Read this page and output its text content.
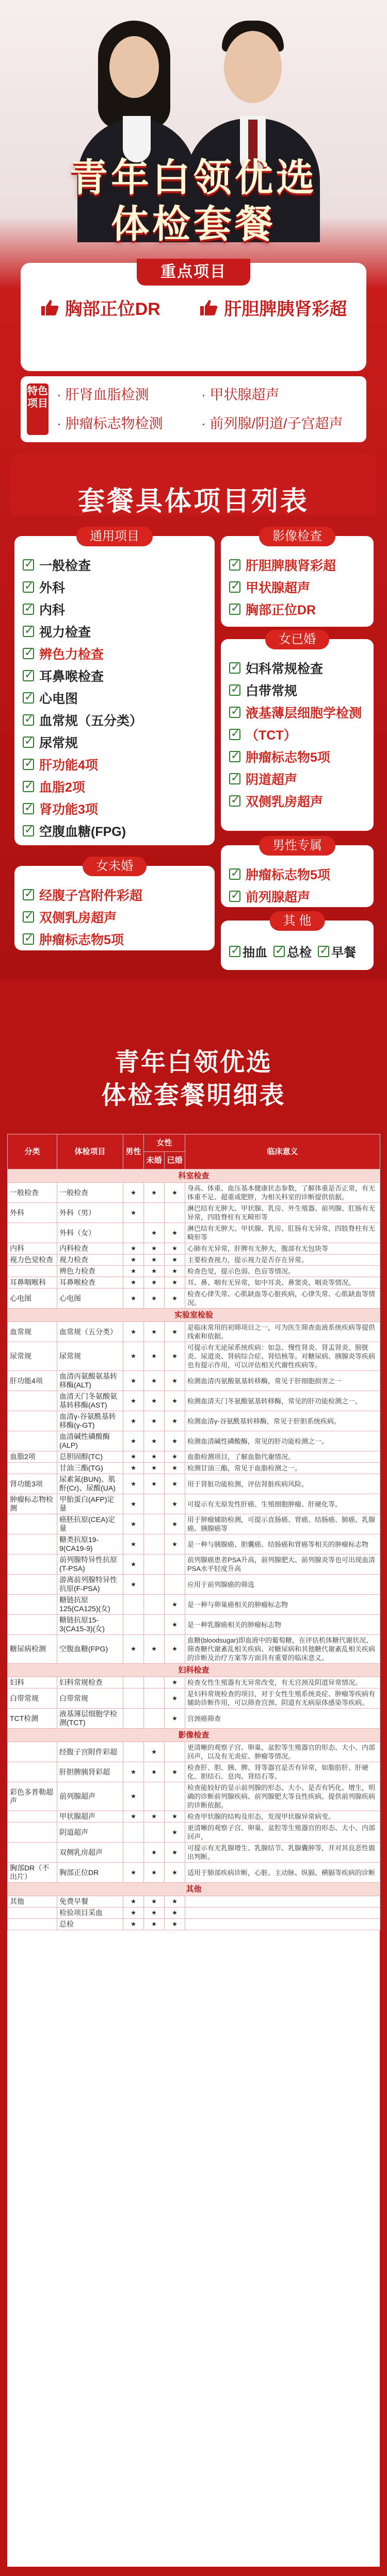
青年白领优选
体检套餐
重点项目
胸部正位DR	肝胆脾胰肾彩超
特色项目
· 肝肾血脂检测	· 甲状腺超声
· 肿瘤标志物检测	· 前列腺/阴道/子宫超声
套餐具体项目列表
通用项目
✓
一般检查
✓
外科
✓
内科
✓
视力检查
✓
辨色力检查
✓
耳鼻喉检查
✓
心电图
✓
血常规（五分类）
✓
尿常规
✓
肝功能4项
✓
血脂2项
✓
肾功能3项
✓
空腹血糖(FPG)
影像检查
✓
肝胆脾胰肾彩超
✓
甲状腺超声
✓
胸部正位DR
女已婚
✓
妇科常规检查
✓
白带常规
✓
液基薄层细胞学检测
✓
（TCT）
✓
肿瘤标志物5项
✓
阴道超声
✓
双侧乳房超声
男性专属
✓
肿瘤标志物5项
✓
前列腺超声
女未婚
✓
经腹子宫附件彩超
✓
双侧乳房超声
✓
肿瘤标志物5项
其 他
✓
抽血
✓ 总检
✓ 早餐
青年白领优选
体检套餐明细表
分类	体检项目	男性	女性		临床意义
			未婚	已婚	
科室检查					
一般检查	一般检查	★	★	★	身高、体重、血压基本健康状态参数，了解体重是否正常，有无体重不足、超重或肥胖，为相关科室的诊断提供依据。
外科	外科（男）	★			淋巴结有无肿大、甲状腺、乳房、外生殖器、前列腺、肛肠有无异常，四肢脊柱有无畸形等
	外科（女）		★	★	淋巴结有无肿大、甲状腺、乳房、肛肠有无异常，四肢脊柱有无畸形等
内科	内科检查	★	★	★	心肺有无异常，肝脾有无肿大，腹部有无包块等
视力色觉检查	视力检查	★	★	★	主要检查视力，提示视力是否存在异常。
	辨色力检查	★	★	★	检查色觉，提示色弱、色盲等情况。
耳鼻咽喉科	耳鼻喉检查	★	★	★	耳、鼻、咽有无异常，如中耳炎、鼻窦炎、咽炎等情况。
心电图	心电图	★	★	★	检查心律失常、心肌缺血等心脏疾病，心律失常、心肌缺血等情况。
实验室检验					
血常规	血常规（五分类）	★	★	★	是临床常用的初筛项目之一，可为医生筛查血液系统疾病等提供线索和依据。
尿常规	尿常规	★	★	★	可提示有无泌尿系统疾病：如急、慢性肾炎、肾盂肾炎、膀胱炎、尿道炎、肾病综合症、肾结核等。对糖尿病、胰腺炎等疾病也有提示作用，可以评估相关代谢性疾病等。
肝功能4项	血清丙氨酸氨基转移酶(ALT)	★	★	★	检测血清丙氨酸氨基转移酶，常见于肝细胞损害之一
	血清天门冬氨酸氨基转移酶(AST)	★	★	★	检测血清天门冬氨酸氨基转移酶，常见的肝功能检测之一。
	血清γ-谷氨酰基转移酶(γ-GT)	★	★	★	检测血清γ-谷氨酰基转移酶，常见于肝胆系统疾病。
	血清碱性磷酸酶(ALP)	★	★	★	检测血清碱性磷酸酶，常见的肝功能检测之一。
血脂2项	总胆固醇(TC)	★	★	★	血脂检测项目，了解血脂代谢情况。
	甘油三酯(TG)	★	★	★	检测甘油三酯，常见于血脂检测之一。
肾功能3项	尿素氮(BUN)、肌酐(Cr)、尿酸(UA)	★	★	★	用于肾脏功能检测，评估肾脏疾病风险。
肿瘤标志物检测	甲胎蛋白(AFP)定量	★		★	可提示有无原发性肝癌、生殖细胞肿瘤、肝硬化等。
	癌胚抗原(CEA)定量	★		★	用于肿瘤辅助检测，可提示直肠癌、胃癌、结肠癌、肺癌、乳腺癌、胰腺癌等
	糖类抗原19-9(CA19-9)	★		★	是一种与胰腺癌、胆囊癌、结肠癌和胃癌等相关的肿瘤标志物
	前列腺特异性抗原(T-PSA)	★			前列腺癌患者PSA升高，前列腺肥大、前列腺炎等也可出现血清PSA水平轻度升高
	游离前列腺特异性抗原(F-PSA)	★			应用于前列腺癌的筛选
	糖链抗原125(CA125)(女)			★	是一种与卵巢癌相关的肿瘤标志物
	糖链抗原15-3(CA15-3)(女)			★	是一种乳腺癌相关的肿瘤标志物
糖尿病检测	空腹血糖(FPG)	★	★	★	血糖(bloodsugar)即血液中的葡萄糖，在评估机体糖代谢状况、筛查糖代谢紊乱相关疾病、对糖尿病和其他糖代谢紊乱相关疾病的诊断及治疗方案等方面具有重要的临床意义。
妇科检查					
妇科	妇科常规检查			★	检查女性生殖器有无异常改变，有无宫颈及阴道异常情况。
白带常规	白带常规			★	是妇科常规检查的项目，对于女性生殖系统炎症、肿瘤等疾病有辅助诊断作用，可以筛查宫颈、阴道有无病原体感染等疾病。
TCT检测	液基薄层细胞学检测(TCT)			★	宫颈癌筛查
影像检查					
	经腹子宫附件彩超		★		更清晰的观察子宫、卵巢、盆腔等生殖器官的形态、大小、内部回声，以及有无炎症、肿瘤等情况。
	肝胆脾胰肾彩超	★	★	★	检查肝、胆、胰、脾、肾等器官是否有异常，如脂肪肝、肝硬化、胆结石、息肉、肾结石等。
彩色多普勒超声	前列腺超声	★			检查能较好的显示前列腺的形态、大小、是否有钙化、增生，明确的诊断前列腺疾病、前列腺肥大等良性疾病。提供前列腺疾病的诊断依据。
	甲状腺超声	★	★	★	检查甲状腺的结构及形态，发现甲状腺异常病变。
	阴道超声			★	更清晰的观察子宫、卵巢、盆腔等生殖器官的形态、大小、内部回声，
	双侧乳房超声		★	★	可提示有无乳腺增生、乳腺结节、乳腺囊肿等，并对其良恶性做出判断。
胸部DR（不出片）	胸部正位DR	★	★	★	适用于肺部疾病诊断，心脏、主动脉、纵膈、横膈等疾病的诊断
其他					
其他	免费早餐	★	★	★	
	检验项目采血	★	★	★	
	总检	★	★	★	
